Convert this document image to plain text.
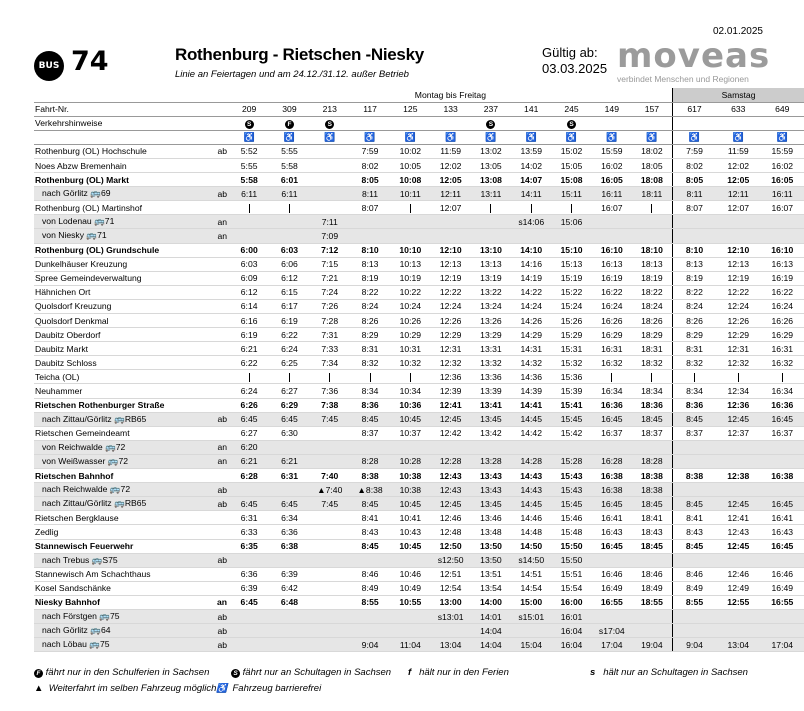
02.01.2025
BUS 74	Rothenburg - Rietschen -Niesky
Linie an Feiertagen und am 24.12./31.12. außer Betrieb
Gültig ab:
03.03.2025 moveas
verbindet Menschen und Regionen
		Montag bis Freitag											Samstag		
Fahrt-Nr.		209	309	213	117	125	133	237	141	245	149	157	617	633	649
Verkehrshinweise		S	F	S				S		S					
		♿	♿	♿	♿	♿	♿	♿	♿	♿	♿	♿	♿	♿	♿
Rothenburg (OL) Hochschule	ab	5:52	5:55		7:59	10:02	11:59	13:02	13:59	15:02	15:59	18:02	7:59	11:59	15:59
Noes Abzw Bremenhain		5:55	5:58		8:02	10:05	12:02	13:05	14:02	15:05	16:02	18:05	8:02	12:02	16:02
Rothenburg (OL) Markt		5:58	6:01		8:05	10:08	12:05	13:08	14:07	15:08	16:05	18:08	8:05	12:05	16:05
nach Görlitz 🚌69	ab	6:11	6:11		8:11	10:11	12:11	13:11	14:11	15:11	16:11	18:11	8:11	12:11	16:11
Rothenburg (OL) Martinshof					8:07		12:07				16:07		8:07	12:07	16:07
von Lodenau 🚌71	an			7:11					s14:06	15:06					
von Niesky 🚌71	an			7:09											
Rothenburg (OL) Grundschule		6:00	6:03	7:12	8:10	10:10	12:10	13:10	14:10	15:10	16:10	18:10	8:10	12:10	16:10
Dunkelhäuser Kreuzung		6:03	6:06	7:15	8:13	10:13	12:13	13:13	14:16	15:13	16:13	18:13	8:13	12:13	16:13
Spree Gemeindeverwaltung		6:09	6:12	7:21	8:19	10:19	12:19	13:19	14:19	15:19	16:19	18:19	8:19	12:19	16:19
Hähnichen Ort		6:12	6:15	7:24	8:22	10:22	12:22	13:22	14:22	15:22	16:22	18:22	8:22	12:22	16:22
Quolsdorf Kreuzung		6:14	6:17	7:26	8:24	10:24	12:24	13:24	14:24	15:24	16:24	18:24	8:24	12:24	16:24
Quolsdorf Denkmal		6:16	6:19	7:28	8:26	10:26	12:26	13:26	14:26	15:26	16:26	18:26	8:26	12:26	16:26
Daubitz Oberdorf		6:19	6:22	7:31	8:29	10:29	12:29	13:29	14:29	15:29	16:29	18:29	8:29	12:29	16:29
Daubitz Markt		6:21	6:24	7:33	8:31	10:31	12:31	13:31	14:31	15:31	16:31	18:31	8:31	12:31	16:31
Daubitz Schloss		6:22	6:25	7:34	8:32	10:32	12:32	13:32	14:32	15:32	16:32	18:32	8:32	12:32	16:32
Teicha (OL)							12:36	13:36	14:36	15:36					
Neuhammer		6:24	6:27	7:36	8:34	10:34	12:39	13:39	14:39	15:39	16:34	18:34	8:34	12:34	16:34
Rietschen Rothenburger Straße		6:26	6:29	7:38	8:36	10:36	12:41	13:41	14:41	15:41	16:36	18:36	8:36	12:36	16:36
nach Zittau/Görlitz 🚌RB65	ab	6:45	6:45	7:45	8:45	10:45	12:45	13:45	14:45	15:45	16:45	18:45	8:45	12:45	16:45
Rietschen Gemeindeamt		6:27	6:30		8:37	10:37	12:42	13:42	14:42	15:42	16:37	18:37	8:37	12:37	16:37
von Reichwalde 🚌72	an	6:20													
von Weißwasser 🚌72	an	6:21	6:21		8:28	10:28	12:28	13:28	14:28	15:28	16:28	18:28			
Rietschen Bahnhof		6:28	6:31	7:40	8:38	10:38	12:43	13:43	14:43	15:43	16:38	18:38	8:38	12:38	16:38
nach Reichwalde 🚌72	ab			▲7:40	▲8:38	10:38	12:43	13:43	14:43	15:43	16:38	18:38			
nach Zittau/Görlitz 🚌RB65	ab	6:45	6:45	7:45	8:45	10:45	12:45	13:45	14:45	15:45	16:45	18:45	8:45	12:45	16:45
Rietschen Bergklause		6:31	6:34		8:41	10:41	12:46	13:46	14:46	15:46	16:41	18:41	8:41	12:41	16:41
Zedlig		6:33	6:36		8:43	10:43	12:48	13:48	14:48	15:48	16:43	18:43	8:43	12:43	16:43
Stannewisch Feuerwehr		6:35	6:38		8:45	10:45	12:50	13:50	14:50	15:50	16:45	18:45	8:45	12:45	16:45
nach Trebus 🚌S75	ab						s12:50	13:50	s14:50	15:50					
Stannewisch Am Schachthaus		6:36	6:39		8:46	10:46	12:51	13:51	14:51	15:51	16:46	18:46	8:46	12:46	16:46
Kosel Sandschänke		6:39	6:42		8:49	10:49	12:54	13:54	14:54	15:54	16:49	18:49	8:49	12:49	16:49
Niesky Bahnhof	an	6:45	6:48		8:55	10:55	13:00	14:00	15:00	16:00	16:55	18:55	8:55	12:55	16:55
nach Förstgen 🚌75	ab						s13:01	14:01	s15:01	16:01					
nach Görlitz 🚌64	ab							14:04		16:04	s17:04				
nach Löbau 🚌75	ab				9:04	11:04	13:04	14:04	15:04	16:04	17:04	19:04	9:04	13:04	17:04
F fährt nur in den Schulferien in Sachsen	S fährt nur an Schultagen in Sachsen f hält nur in den Ferien	s hält nur an Schultagen in Sachsen
▲ Weiterfahrt im selben Fahrzeug möglich ♿ Fahrzeug barrierefrei
